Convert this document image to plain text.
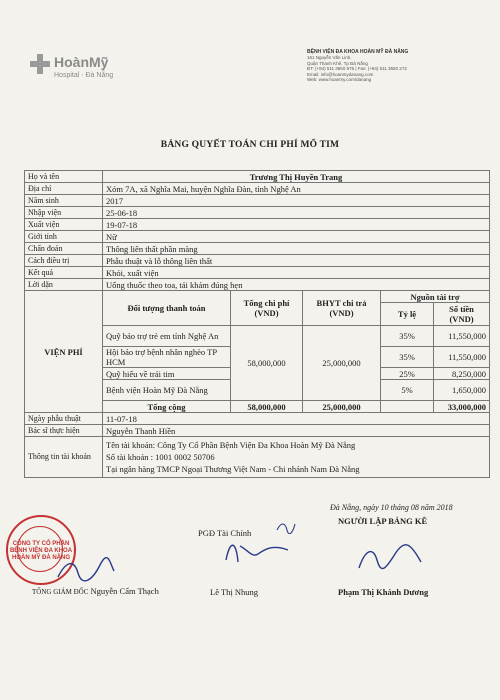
HoànMỹ
Hospital · Đà Nẵng
BỆNH VIỆN ĐA KHOA HOÀN MỸ ĐÀ NẴNG
161 Nguyễn Văn Linh,
Quận Thanh Khê, Tp Đà Nẵng
ĐT: (+84) 511 3650 676 | Fax: (+84) 511 3650 272
Email: info@hoanmydanang.com
Web: www.hoanmy.com/danang
BẢNG QUYẾT TOÁN CHI PHÍ MỔ TIM
Họ và tên	Trương Thị Huyền Trang				
Địa chỉ	Xóm 7A, xã Nghĩa Mai, huyện Nghĩa Đàn, tỉnh Nghệ An				
Năm sinh	2017				
Nhập viện	25-06-18				
Xuất viện	19-07-18				
Giới tính	Nữ				
Chẩn đoán	Thông liên thất phần màng				
Cách điều trị	Phẫu thuật và lỗ thông liên thất				
Kết quả	Khỏi, xuất viện				
Lời dặn	Uống thuốc theo toa, tái khám đúng hẹn				
VIỆN PHÍ	Đối tượng thanh toán	Tổng chi phí (VND)	BHYT chi trả (VND)	Nguồn tài trợ	
				Tỷ lệ	Số tiền (VND)
	Quỹ bảo trợ trẻ em tỉnh Nghệ An	58,000,000	25,000,000	35%	11,550,000
	Hội bảo trợ bệnh nhân nghèo TP HCM			35%	11,550,000
	Quỹ hiếu về trái tim			25%	8,250,000
	Bệnh viện Hoàn Mỹ Đà Nẵng			5%	1,650,000
	Tổng cộng	58,000,000	25,000,000		33,000,000
Ngày phẫu thuật	11-07-18				
Bác sĩ thực hiện	Nguyễn Thanh Hiền				
Thông tin tài khoản	Tên tài khoản: Công Ty Cổ Phần Bệnh Viện Đa Khoa Hoàn Mỹ Đà Nẵng
Số tài khoản : 1001 0002 50706
Tại ngân hàng TMCP Ngoại Thương Việt Nam - Chi nhánh Nam Đà Nẵng				
Đà Nẵng, ngày 10 tháng 08 năm 2018
PGĐ Tài Chính
NGƯỜI LẬP BẢNG KÊ
CÔNG TY CỔ PHẦN BỆNH VIỆN ĐA KHOA HOÀN MỸ ĐÀ NẴNG
TỔNG GIÁM ĐỐC Nguyễn Cẩm Thạch	Lê Thị Nhung	Phạm Thị Khánh Dương
